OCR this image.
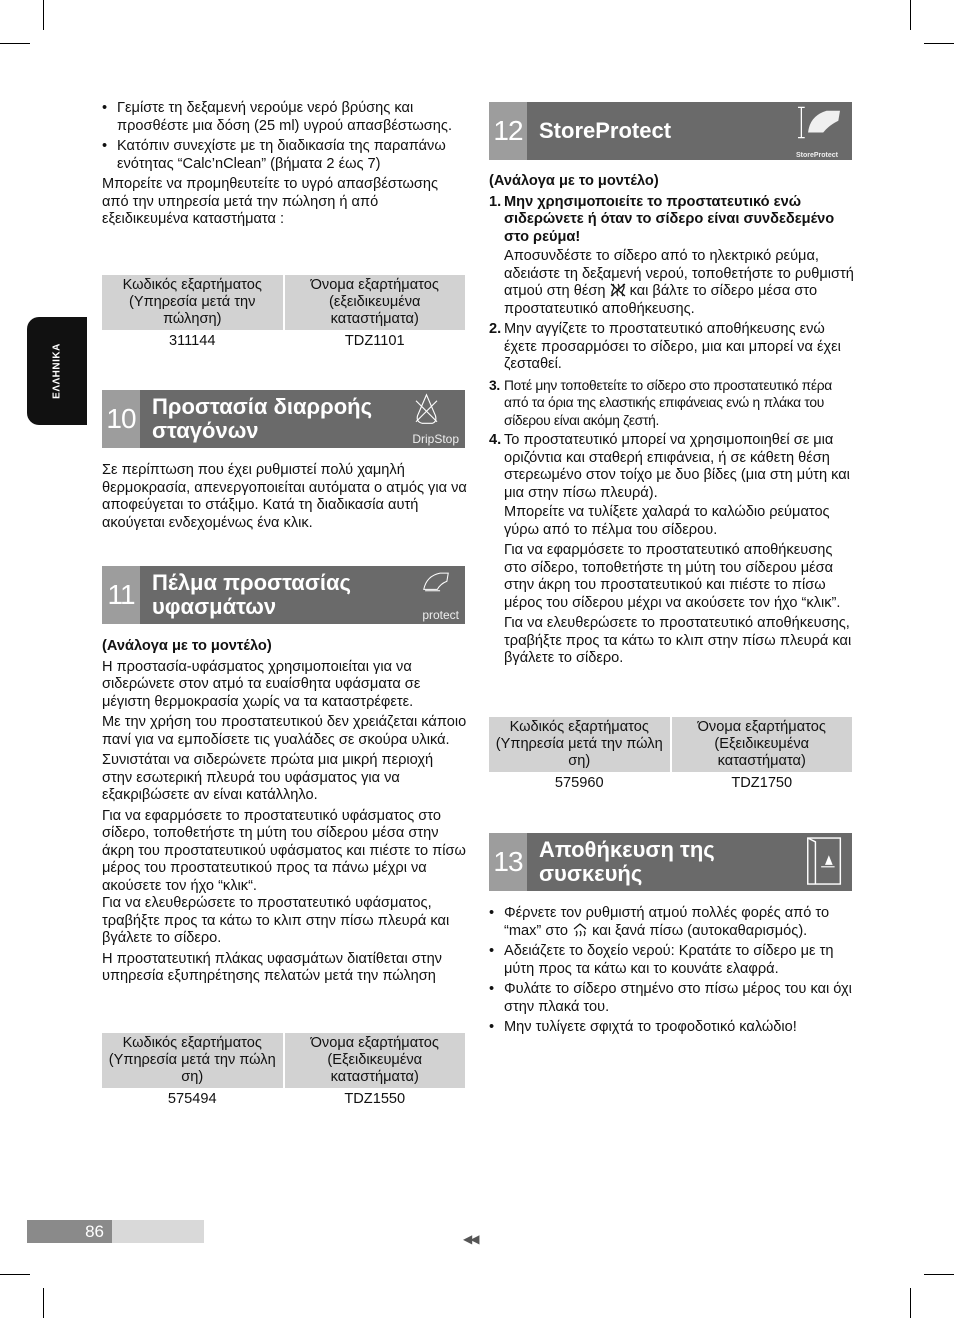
ΕΛΛΗΝΙΚΑ
• Γεμίστε τη δεξαμενή νερούμε νερό βρύσης και προσθέστε μια δόση (25 ml) υγρού απασβέστωσης.
• Κατόπιν συνεχίστε με τη διαδικασία της παραπάνω ενότητας “Calc’nClean” (βήματα 2 έως 7)

Μπορείτε να προμηθευτείτε το υγρό απασβέστωσης από την υπηρεσία μετά την πώληση ή από εξειδικευμένα καταστήματα :

Κωδικός εξαρτήματος (Υπηρεσία μετά την πώληση)	Όνομα εξαρτήματος (εξειδικευμένα καταστήματα)
311144	TDZ1101
10 Προστασία διαρροής
σταγόνων	DripStop

Σε περίπτωση που έχει ρυθμιστεί πολύ χαμηλή θερμοκρασία, απενεργοποιείται αυτόματα ο ατμός για να αποφεύγεται το στάξιμο. Κατά τη διαδικασία αυτή ακούγεται ενδεχομένως ένα κλικ.

11 Πέλμα προστασίας
υφασμάτων	protect

(Ανάλογα με το μοντέλο)

Η προστασία-υφάσματος χρησιμοποιείται για να σιδερώνετε στον ατμό τα ευαίσθητα υφάσματα σε μέγιστη θερμοκρασία χωρίς να τα καταστρέφετε.

Με την χρήση του προστατευτικού δεν χρειάζεται κάποιο πανί για να εμποδίσετε τις γυαλάδες σε σκούρα υλικά.

Συνιστάται να σιδερώνετε πρώτα μια μικρή περιοχή στην εσωτερική πλευρά του υφάσματος για να εξακριβώσετε αν είναι κατάλληλο.

Για να εφαρμόσετε το προστατευτικό υφάσματος στο σίδερο, τοποθετήστε τη μύτη του σίδερου μέσα στην άκρη του προστατευτικού υφάσματος και πιέστε το πίσω μέρος του προστατευτικού προς τα πάνω μέχρι να ακούσετε τον ήχο “κλικ“.

Για να ελευθερώσετε το προστατευτικό υφάσματος, τραβήξτε προς τα κάτω το κλιπ στην πίσω πλευρά και βγάλετε το σίδερο.

Η προστατευτική πλάκας υφασμάτων διατίθεται στην υπηρεσία εξυπηρέτησης πελατών μετά την πώληση

Κωδικός εξαρτήματος (Υπηρεσία μετά την πώλη ση)	Όνομα εξαρτήματος (Εξειδικευμένα καταστήματα)
575494	TDZ1550
12 StoreProtect
StoreProtect

(Ανάλογα με το μοντέλο)

1. Μην χρησιμοποιείτε το προστατευτικό ενώ σιδερώνετε ή όταν το σίδερο είναι συνδεδεμένο στο ρεύμα!

Αποσυνδέστε το σίδερο από το ηλεκτρικό ρεύμα, αδειάστε τη δεξαμενή νερού, τοποθετήστε το ρυθμιστή ατμού στη θέση και βάλτε το σίδερο μέσα στο προστατευτικό αποθήκευσης.

2. Μην αγγίζετε το προστατευτικό αποθήκευσης ενώ έχετε προσαρμόσει το σίδερο, μια και μπορεί να έχει ζεσταθεί.
3. Ποτέ μην τοποθετείτε το σίδερο στο προστατευτικό πέρα από τα όρια της ελαστικής επιφάνειας ενώ η πλάκα του σίδερου είναι ακόμη ζεστή.
4. Το προστατευτικό μπορεί να χρησιμοποιηθεί σε μια οριζόντια και σταθερή επιφάνεια, ή σε κάθετη θέση στερεωμένο στον τοίχο με δυο βίδες (μια στη μύτη και μια στην πίσω πλευρά).

Μπορείτε να τυλίξετε χαλαρά το καλώδιο ρεύματος γύρω από το πέλμα του σίδερου.

Για να εφαρμόσετε το προστατευτικό αποθήκευσης στο σίδερο, τοποθετήστε τη μύτη του σίδερου μέσα στην άκρη του προστατευτικού και πιέστε το πίσω μέρος του σίδερου μέχρι να ακούσετε τον ήχο “κλικ”.

Για να ελευθερώσετε το προστατευτικό αποθήκευσης, τραβήξτε προς τα κάτω το κλιπ στην πίσω πλευρά και βγάλετε το σίδερο.

Κωδικός εξαρτήματος (Υπηρεσία μετά την πώλη ση)	Όνομα εξαρτήματος (Εξειδικευμένα καταστήματα)
575960	TDZ1750
13 Αποθήκευση της
συσκευής
• Φέρνετε τον ρυθμιστή ατμού πολλές φορές από το “max” στο και ξανά πίσω (αυτοκαθαρισμός).
• Αδειάζετε το δοχείο νερού: Κρατάτε το σίδερο με τη μύτη προς τα κάτω και το κουνάτε ελαφρά.
• Φυλάτε το σίδερο στημένο στο πίσω μέρος του και όχι στην πλακά του.
• Μην τυλίγετε σφιχτά το τροφοδοτικό καλώδιο!
86	◀◀
